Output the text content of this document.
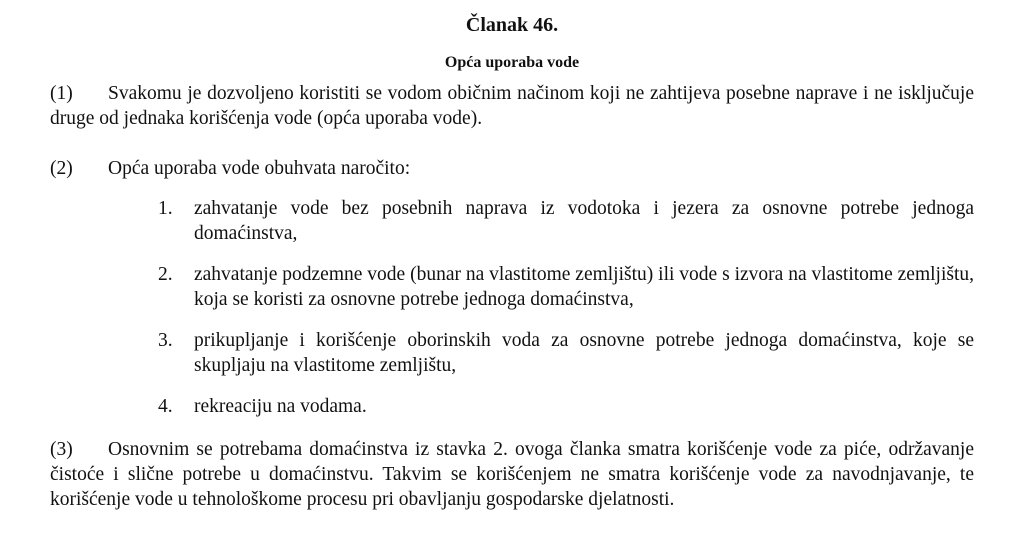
Članak 46.
Opća uporaba vode

(1) Svakomu je dozvoljeno koristiti se vodom običnim načinom koji ne zahtijeva posebne naprave i ne isključuje druge od jednaka korišćenja vode (opća uporaba vode).

(2) Opća uporaba vode obuhvata naročito:

1.	zahvatanje vode bez posebnih naprava iz vodotoka i jezera za osnovne potrebe jednoga domaćinstva,
2.	zahvatanje podzemne vode (bunar na vlastitome zemljištu) ili vode s izvora na vlastitome zemljištu, koja se koristi za osnovne potrebe jednoga domaćinstva,
3.	prikupljanje i korišćenje oborinskih voda za osnovne potrebe jednoga domaćinstva, koje se skupljaju na vlastitome zemljištu,
4.	rekreaciju na vodama.

(3) Osnovnim se potrebama domaćinstva iz stavka 2. ovoga članka smatra korišćenje vode za piće, održavanje čistoće i slične potrebe u domaćinstvu. Takvim se korišćenjem ne smatra korišćenje vode za navodnjavanje, te korišćenje vode u tehnološkome procesu pri obavljanju gospodarske djelatnosti.
